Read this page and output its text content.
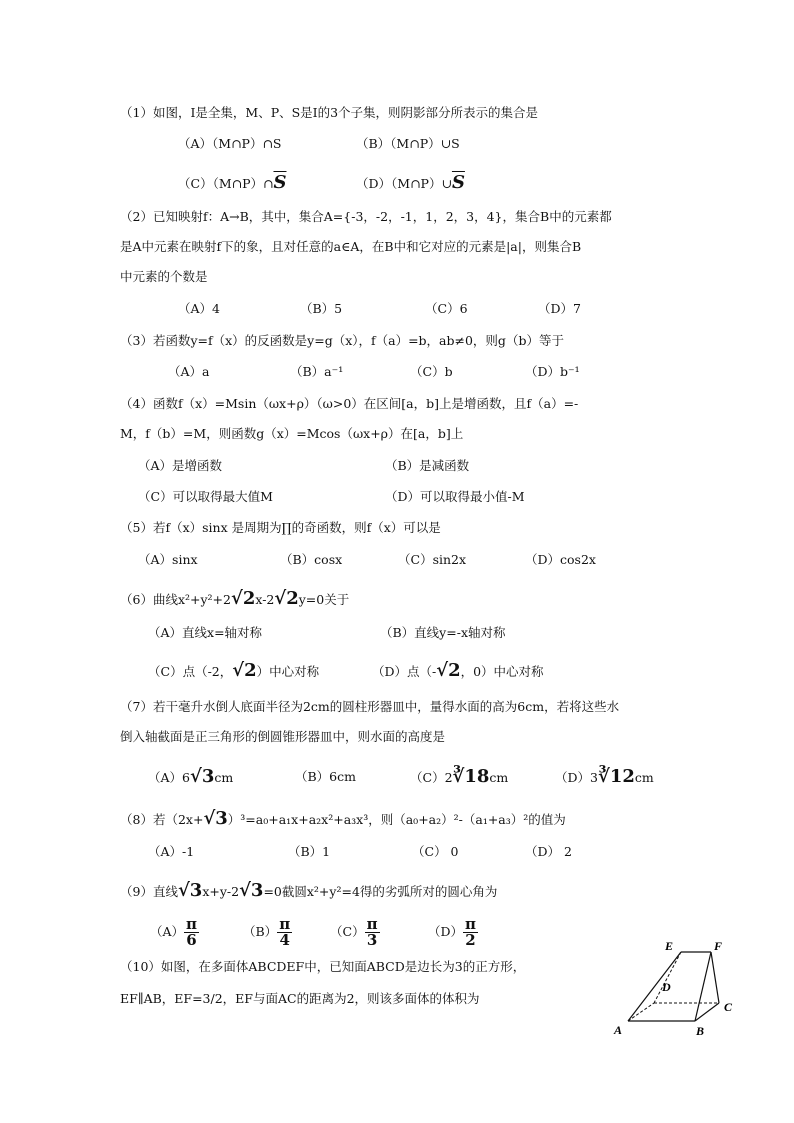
（1）如图，I是全集，M、P、S是I的3个子集，则阴影部分所表示的集合是
（A）（M∩P）∩S	（B）（M∩P）∪S
$(C)(M\cap P)\cap\overline{S}$	$(D)(M\cap P)\cup\overline{S}$
（2）已知映射f：A→B，其中，集合A={-3，-2，-1，1，2，3，4}，集合B中的元素都
是A中元素在映射f下的象，且对任意的a∈A，在B中和它对应的元素是|a|，则集合B
中元素的个数是
（A）4	（B）5	（C）6	（D）7
（3）若函数y=f（x）的反函数是y=g（x），f（a）=b，ab≠0，则g（b）等于
（A）a	（B）a⁻¹	（C）b	（D）b⁻¹
（4）函数f（x）=Msin（ωx+ρ）（ω>0）在区间[a，b]上是增函数，且f（a）=-
M，f（b）=M，则函数g（x）=Mcos（ωx+ρ）在[a，b]上
（A）是增函数	（B）是减函数
（C）可以取得最大值M	（D）可以取得最小值-M
（5）若f（x）sinx 是周期为∏的奇函数，则f（x）可以是
（A）sinx	（B）cosx	（C）sin2x	（D）cos2x
（6）曲线x²+y²+2√2x-2√2y=0关于
（A）直线x=轴对称	（B）直线y=-x轴对称
（C）点（-2，√2）中心对称	（D）点（-√2，0）中心对称
（7）若干毫升水倒人底面半径为2cm的圆柱形器皿中，量得水面的高为6cm，若将这些水
倒入轴截面是正三角形的倒圆锥形器皿中，则水面的高度是
（A）6√3cm	（B）6cm	（C）2∛18cm	（D）3∛12cm
（8）若（2x+√3）³=a₀+a₁x+a₂x²+a₃x³，则（a₀+a₂）²-（a₁+a₃）²的值为
（A）-1	（B）1	（C） 0	（D） 2
（9）直线√3x+y-2√3=0截圆x²+y²=4得的劣弧所对的圆心角为
$(A) \frac{\pi}{6}$	$(B) \frac{\pi}{4}$	$(C) \frac{\pi}{3}$	$(D) \frac{\pi}{2}$
（10）如图，在多面体ABCDEF中，已知面ABCD是边长为3的正方形，
EF∥AB，EF=3/2，EF与面AC的距离为2，则该多面体的体积为
E	F
D
C
A	B
